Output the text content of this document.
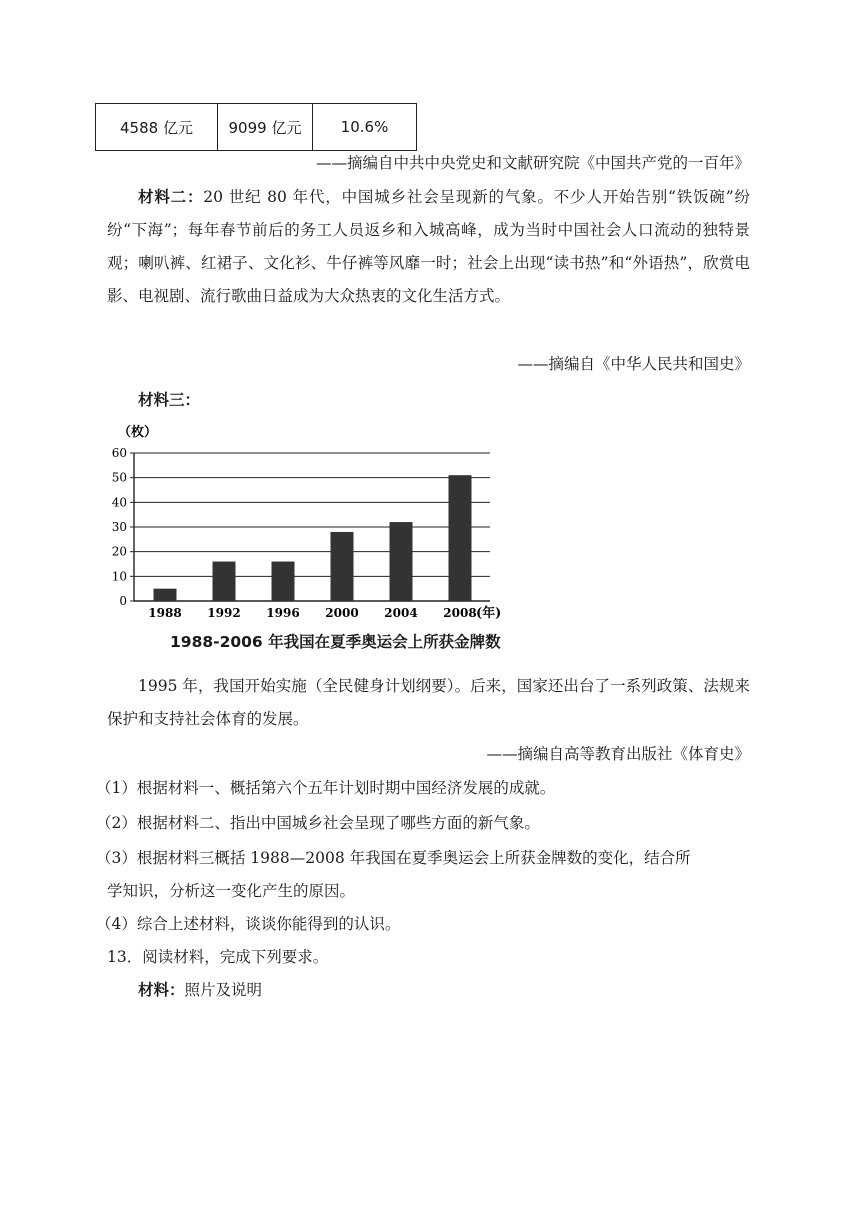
4588 亿元	9099 亿元	10.6%
——摘编自中共中央党史和文献研究院《中国共产党的一百年》
材料二：20 世纪 80 年代，中国城乡社会呈现新的气象。不少人开始告别“铁饭碗”纷纷“下海”；每年春节前后的务工人员返乡和入城高峰，成为当时中国社会人口流动的独特景观；喇叭裤、红裙子、文化衫、牛仔裤等风靡一时；社会上出现“读书热”和“外语热”，欣赏电影、电视剧、流行歌曲日益成为大众热衷的文化生活方式。
——摘编自《中华人民共和国史》
材料三：
0
10
20
30
40
50
60
1988 1992 1996 2000 2004 2008
（枚）
(年)
1988-2006 年我国在夏季奥运会上所获金牌数
1995 年，我国开始实施（全民健身计划纲要）。后来，国家还出台了一系列政策、法规来保护和支持社会体育的发展。
——摘编自高等教育出版社《体育史》
（1）根据材料一、概括第六个五年计划时期中国经济发展的成就。
（2）根据材料二、指出中国城乡社会呈现了哪些方面的新气象。
（3）根据材料三概括 1988—2008 年我国在夏季奥运会上所获金牌数的变化，结合所
学知识，分析这一变化产生的原因。
（4）综合上述材料，谈谈你能得到的认识。
13．阅读材料，完成下列要求。
材料：照片及说明
